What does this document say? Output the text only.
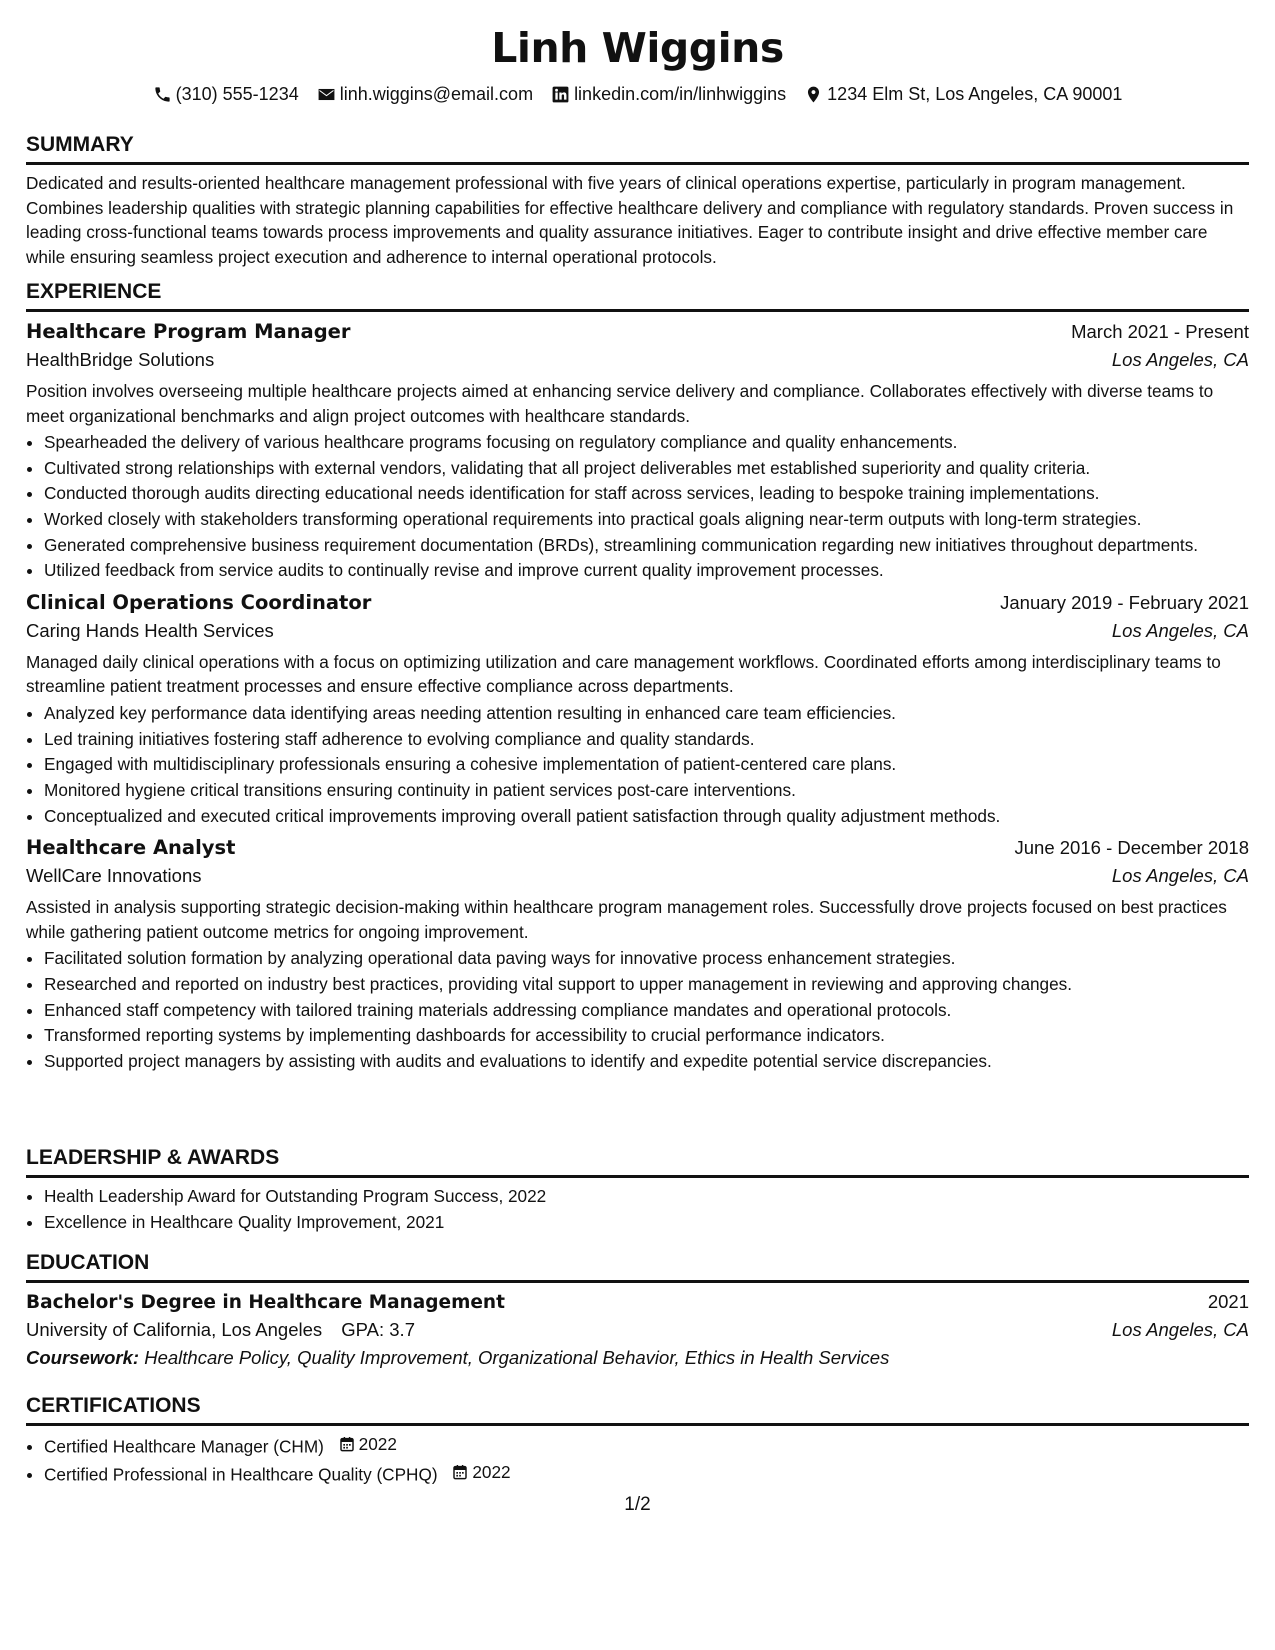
Linh Wiggins
(310) 555-1234 linh.wiggins@email.com linkedin.com/in/linhwiggins 1234 Elm St, Los Angeles, CA 90001
SUMMARY

Dedicated and results-oriented healthcare management professional with five years of clinical operations expertise, particularly in program management. Combines leadership qualities with strategic planning capabilities for effective healthcare delivery and compliance with regulatory standards. Proven success in leading cross-functional teams towards process improvements and quality assurance initiatives. Eager to contribute insight and drive effective member care while ensuring seamless project execution and adherence to internal operational protocols.

EXPERIENCE
Healthcare Program Manager	March 2021 - Present
HealthBridge Solutions	Los Angeles, CA

Position involves overseeing multiple healthcare projects aimed at enhancing service delivery and compliance. Collaborates effectively with diverse teams to meet organizational benchmarks and align project outcomes with healthcare standards.

• Spearheaded the delivery of various healthcare programs focusing on regulatory compliance and quality enhancements.
• Cultivated strong relationships with external vendors, validating that all project deliverables met established superiority and quality criteria.
• Conducted thorough audits directing educational needs identification for staff across services, leading to bespoke training implementations.
• Worked closely with stakeholders transforming operational requirements into practical goals aligning near-term outputs with long-term strategies.
• Generated comprehensive business requirement documentation (BRDs), streamlining communication regarding new initiatives throughout departments.
• Utilized feedback from service audits to continually revise and improve current quality improvement processes.
Clinical Operations Coordinator	January 2019 - February 2021
Caring Hands Health Services	Los Angeles, CA

Managed daily clinical operations with a focus on optimizing utilization and care management workflows. Coordinated efforts among interdisciplinary teams to streamline patient treatment processes and ensure effective compliance across departments.

• Analyzed key performance data identifying areas needing attention resulting in enhanced care team efficiencies.
• Led training initiatives fostering staff adherence to evolving compliance and quality standards.
• Engaged with multidisciplinary professionals ensuring a cohesive implementation of patient-centered care plans.
• Monitored hygiene critical transitions ensuring continuity in patient services post-care interventions.
• Conceptualized and executed critical improvements improving overall patient satisfaction through quality adjustment methods.
Healthcare Analyst	June 2016 - December 2018
WellCare Innovations	Los Angeles, CA

Assisted in analysis supporting strategic decision-making within healthcare program management roles. Successfully drove projects focused on best practices while gathering patient outcome metrics for ongoing improvement.

• Facilitated solution formation by analyzing operational data paving ways for innovative process enhancement strategies.
• Researched and reported on industry best practices, providing vital support to upper management in reviewing and approving changes.
• Enhanced staff competency with tailored training materials addressing compliance mandates and operational protocols.
• Transformed reporting systems by implementing dashboards for accessibility to crucial performance indicators.
• Supported project managers by assisting with audits and evaluations to identify and expedite potential service discrepancies.
LEADERSHIP & AWARDS
• Health Leadership Award for Outstanding Program Success, 2022
• Excellence in Healthcare Quality Improvement, 2021
EDUCATION
Bachelor's Degree in Healthcare Management	2021
University of California, Los Angeles GPA: 3.7	Los Angeles, CA
Coursework: Healthcare Policy, Quality Improvement, Organizational Behavior, Ethics in Health Services
CERTIFICATIONS
• Certified Healthcare Manager (CHM) 2022
• Certified Professional in Healthcare Quality (CPHQ) 2022
1/2
